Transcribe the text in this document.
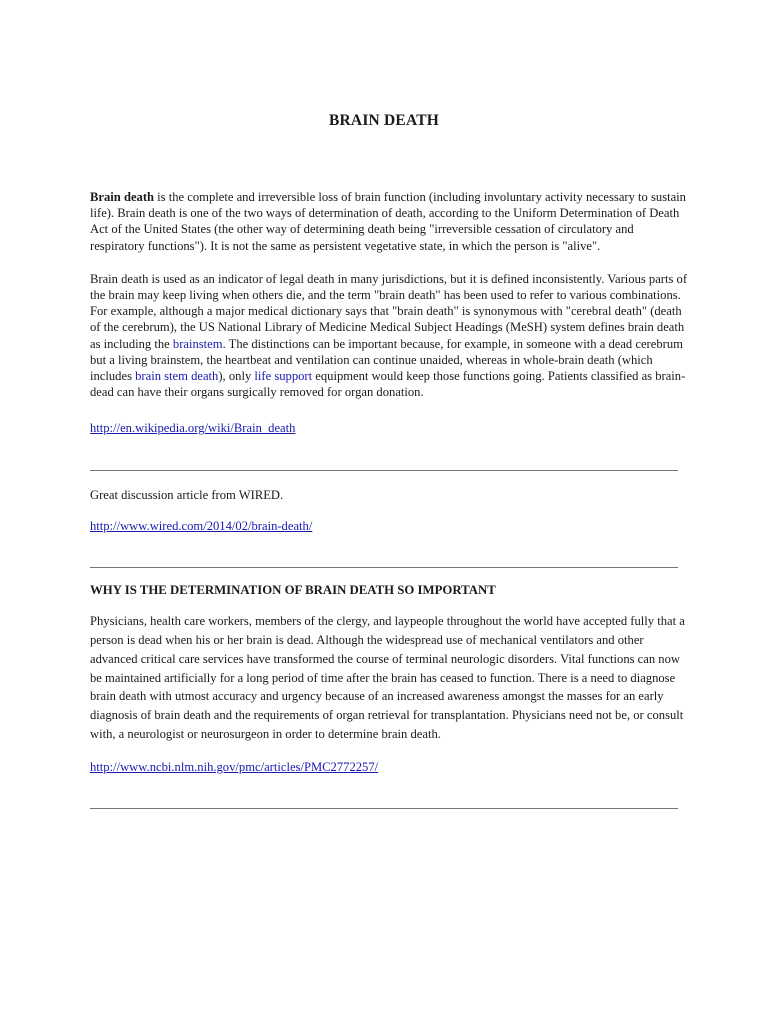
BRAIN DEATH

Brain death is the complete and irreversible loss of brain function (including involuntary activity necessary to sustain life). Brain death is one of the two ways of determination of death, according to the Uniform Determination of Death Act of the United States (the other way of determining death being "irreversible cessation of circulatory and respiratory functions"). It is not the same as persistent vegetative state, in which the person is "alive".

Brain death is used as an indicator of legal death in many jurisdictions, but it is defined inconsistently. Various parts of the brain may keep living when others die, and the term "brain death" has been used to refer to various combinations. For example, although a major medical dictionary says that "brain death" is synonymous with "cerebral death" (death of the cerebrum), the US National Library of Medicine Medical Subject Headings (MeSH) system defines brain death as including the brainstem. The distinctions can be important because, for example, in someone with a dead cerebrum but a living brainstem, the heartbeat and ventilation can continue unaided, whereas in whole-brain death (which includes brain stem death), only life support equipment would keep those functions going. Patients classified as brain-dead can have their organs surgically removed for organ donation.

http://en.wikipedia.org/wiki/Brain_death

Great discussion article from WIRED.

http://www.wired.com/2014/02/brain-death/

WHY IS THE DETERMINATION OF BRAIN DEATH SO IMPORTANT

Physicians, health care workers, members of the clergy, and laypeople throughout the world have accepted fully that a person is dead when his or her brain is dead. Although the widespread use of mechanical ventilators and other advanced critical care services have transformed the course of terminal neurologic disorders. Vital functions can now be maintained artificially for a long period of time after the brain has ceased to function. There is a need to diagnose brain death with utmost accuracy and urgency because of an increased awareness amongst the masses for an early diagnosis of brain death and the requirements of organ retrieval for transplantation. Physicians need not be, or consult with, a neurologist or neurosurgeon in order to determine brain death.

http://www.ncbi.nlm.nih.gov/pmc/articles/PMC2772257/
